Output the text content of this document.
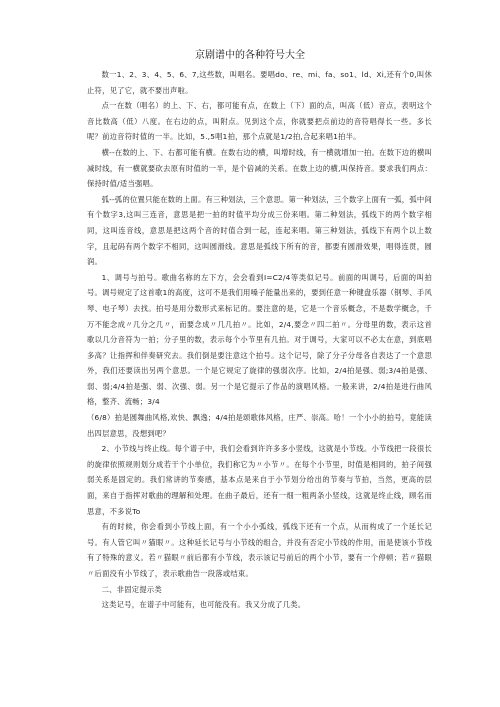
京剧谱中的各种符号大全

数一1、2、3、4、5、6、7,这些数，叫唱名。要唱do、re、mi、fa、so1、ld、Xi,还有个0,叫休止符，见了它，就不要出声啦。

点一在数（唱名）的上、下、右，都可能有点，在数上（下）面的点，叫高（低）音点，表明这个音比数高（低）八度。在右边的点，叫附点。见到这个点，你就要把点前边的音符唱得长一些。多长呢？前边音符时值的一半。比如，5.,5唱1拍，那个点就是1/2拍,合起来唱1拍半。

横--在数的上、下、右都可能有横。在数右边的横，叫增时线，有一横就增加一拍。在数下边的横叫减时线，有一横就要砍去原有时值的一半，是个倍减的关系。在数上边的横,叫保持音。要求我们两点：保持时值/适当强唱。

弧--弧的位置只能在数的上面。有三种划法，三个意思。第一种划法，三个数字上面有一弧，弧中间有个数字3,这叫三连音，意思是把一拍的时值平均分成三份来唱。第二种划法，弧线下的两个数字相同，这叫连音线，意思是把这两个音的时值合到一起，连起来唱。第三种划法，弧线下有两个以上数字，且起码有两个数字不相同，这叫圆滑线。意思是弧线下所有的音，都要有圆滑效果，唱得连贯，圆润。

1、调号与拍号。歌曲名称的左下方，会会看到I=C2/4等类似记号。前面的叫调号，后面的叫拍号。调号规定了这首歌1的高度，这可不是我们用嗓子能量出来的，要到任意一种键盘乐器（钢琴、手风琴、电子琴）去找。拍号是用分数形式来标记的。要注意的是，它是一个音乐概念，不是数学概念，千万不能念成〃几分之几〃，而要念成〃几几拍〃。比如，2/4,要念〃四二拍〃。分母里的数，表示这首歌以几分音符为一拍；分子里的数，表示每个小节里有几拍。对于调号，大家可以不必太在意，到底唱多高？让指挥和伴奏研究去。我们倒是要注意这个拍号。这个记号，除了分子分母各自表达了一个意思外，我们还要读出另两个意思。一个是它规定了旋律的强弱次序。比如，2/4拍是强、弱;3/4拍是强、弱、弱;4/4拍是强、弱、次强、弱。另一个是它提示了作品的演唱风格。一般来讲，2/4拍是进行曲风格，整齐、流畅；3/4

（6/8）拍是圆舞曲风格,欢快、飘逸；4/4拍是颂歌体风格，庄严、崇高。哈！一个小小的拍号，竟能读出四层意思，没想到吧？

2、小节线与终止线。每个谱子中，我们会看到许许多多小竖线，这就是小节线。小节线把一段很长的旋律依照规则划分成若干个小单位，我们称它为〃小节〃。在每个小节里，时值是相同的，拍子间强弱关系是固定的。我们常讲的节奏感，基本点是来自于小节划分给出的节奏与节拍，当然，更高的层面，来自于指挥对歌曲的理解和处理。在曲子最后，还有一细一粗两条小竖线，这就是终止线，顾名而思意，不多说To

有的时候，你会看到小节线上面，有一个小小弧线，弧线下还有一个点，从而构成了一个延长记号。有人管它叫〃猫眼〃。这种延长记号与小节线的组合，并没有否定小节线的作用，而是使该小节线有了特殊的意义。若〃猫眼〃前后都有小节线，表示该记号前后的两个小节，要有一个停顿；若〃猫眼〃后面没有小节线了，表示歌曲告一段落或结束。

二、非固定提示类

这类记号，在谱子中可能有，也可能没有。我又分成了几类。
